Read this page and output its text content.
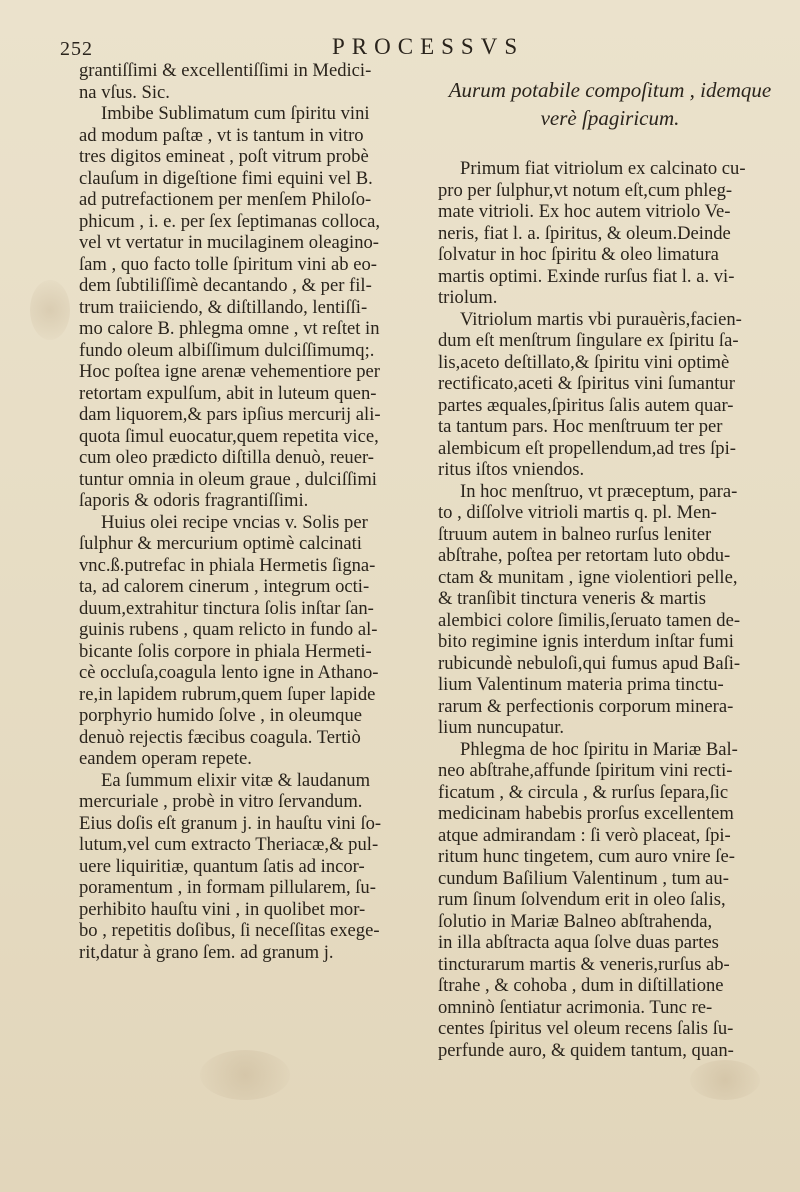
252	PROCESSVS
grantiſſimi & excellentiſſimi in Medici-
na vſus. Sic.
Imbibe Sublimatum cum ſpiritu vini
ad modum paſtæ , vt is tantum in vitro
tres digitos emineat , poſt vitrum probè
clauſum in digeſtione fimi equini vel B.
ad putrefactionem per menſem Philoſo-
phicum , i. e. per ſex ſeptimanas colloca,
vel vt vertatur in mucilaginem oleagino-
ſam , quo facto tolle ſpiritum vini ab eo-
dem ſubtiliſſimè decantando , & per fil-
trum traiiciendo, & diſtillando, lentiſſi-
mo calore B. phlegma omne , vt reſtet in
fundo oleum albiſſimum dulciſſimumq;.
Hoc poſtea igne arenæ vehementiore per
retortam expulſum, abit in luteum quen-
dam liquorem,& pars ipſius mercurij ali-
quota ſimul euocatur,quem repetita vice,
cum oleo prædicto diſtilla denuò, reuer-
tuntur omnia in oleum graue , dulciſſimi
ſaporis & odoris fragrantiſſimi.
Huius olei recipe vncias v. Solis per
ſulphur & mercurium optimè calcinati
vnc.ß.putrefac in phiala Hermetis ſigna-
ta, ad calorem cinerum , integrum octi-
duum,extrahitur tinctura ſolis inſtar ſan-
guinis rubens , quam relicto in fundo al-
bicante ſolis corpore in phiala Hermeti-
cè occluſa,coagula lento igne in Athano-
re,in lapidem rubrum,quem ſuper lapide
porphyrio humido ſolve , in oleumque
denuò rejectis fæcibus coagula. Tertiò
eandem operam repete.
Ea ſummum elixir vitæ & laudanum
mercuriale , probè in vitro ſervandum.
Eius doſis eſt granum j. in hauſtu vini ſo-
lutum,vel cum extracto Theriacæ,& pul-
uere liquiritiæ, quantum ſatis ad incor-
poramentum , in formam pillularem, ſu-
perhibito hauſtu vini , in quolibet mor-
bo , repetitis doſibus, ſi neceſſitas exege-
rit,datur à grano ſem. ad granum j.
Aurum potabile compoſitum , idemque
verè ſpagiricum.
Primum fiat vitriolum ex calcinato cu-
pro per ſulphur,vt notum eſt,cum phleg-
mate vitrioli. Ex hoc autem vitriolo Ve-
neris, fiat l. a. ſpiritus, & oleum.Deinde
ſolvatur in hoc ſpiritu & oleo limatura
martis optimi. Exinde rurſus fiat l. a. vi-
triolum.
Vitriolum martis vbi purauèris,facien-
dum eſt menſtrum ſingulare ex ſpiritu ſa-
lis,aceto deſtillato,& ſpiritu vini optimè
rectificato,aceti & ſpiritus vini ſumantur
partes æquales,ſpiritus ſalis autem quar-
ta tantum pars. Hoc menſtruum ter per
alembicum eſt propellendum,ad tres ſpi-
ritus iſtos vniendos.
In hoc menſtruo, vt præceptum, para-
to , diſſolve vitrioli martis q. pl. Men-
ſtruum autem in balneo rurſus leniter
abſtrahe, poſtea per retortam luto obdu-
ctam & munitam , igne violentiori pelle,
& tranſibit tinctura veneris & martis
alembici colore ſimilis,ſeruato tamen de-
bito regimine ignis interdum inſtar fumi
rubicundè nebuloſi,qui fumus apud Baſi-
lium Valentinum materia prima tinctu-
rarum & perfectionis corporum minera-
lium nuncupatur.
Phlegma de hoc ſpiritu in Mariæ Bal-
neo abſtrahe,affunde ſpiritum vini recti-
ficatum , & circula , & rurſus ſepara,ſic
medicinam habebis prorſus excellentem
atque admirandam : ſi verò placeat, ſpi-
ritum hunc tingetem, cum auro vnire ſe-
cundum Baſilium Valentinum , tum au-
rum ſinum ſolvendum erit in oleo ſalis,
ſolutio in Mariæ Balneo abſtrahenda,
in illa abſtracta aqua ſolve duas partes
tincturarum martis & veneris,rurſus ab-
ſtrahe , & cohoba , dum in diſtillatione
omninò ſentiatur acrimonia. Tunc re-
centes ſpiritus vel oleum recens ſalis ſu-
perfunde auro, & quidem tantum, quan-
